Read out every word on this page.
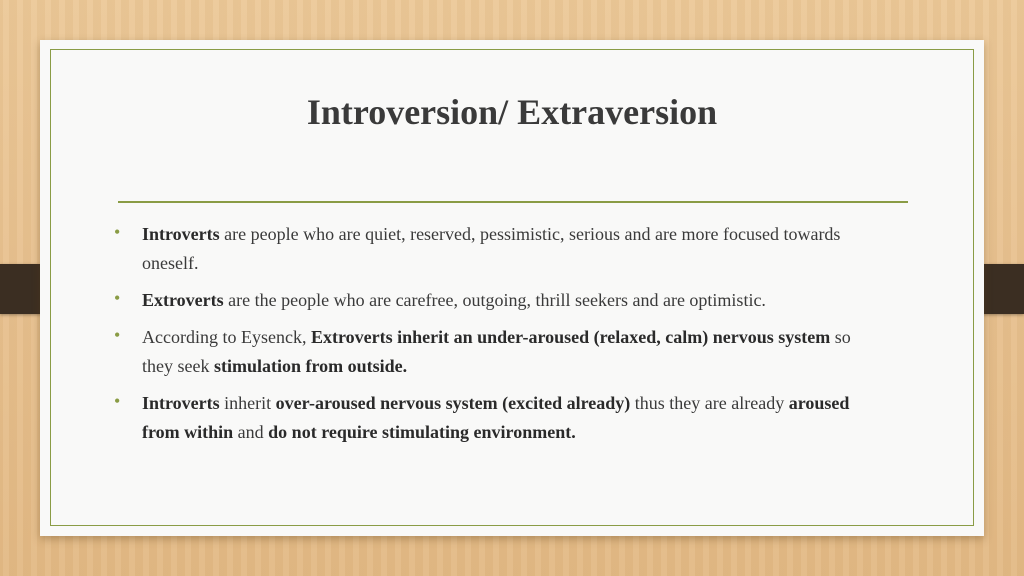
Introversion/ Extraversion
•	Introverts are people who are quiet, reserved, pessimistic, serious and are more focused towards oneself.
•	Extroverts are the people who are carefree, outgoing, thrill seekers and are optimistic.
•	According to Eysenck, Extroverts inherit an under-aroused (relaxed, calm) nervous system so they seek stimulation from outside.
•	Introverts inherit over-aroused nervous system (excited already) thus they are already aroused from within and do not require stimulating environment.
